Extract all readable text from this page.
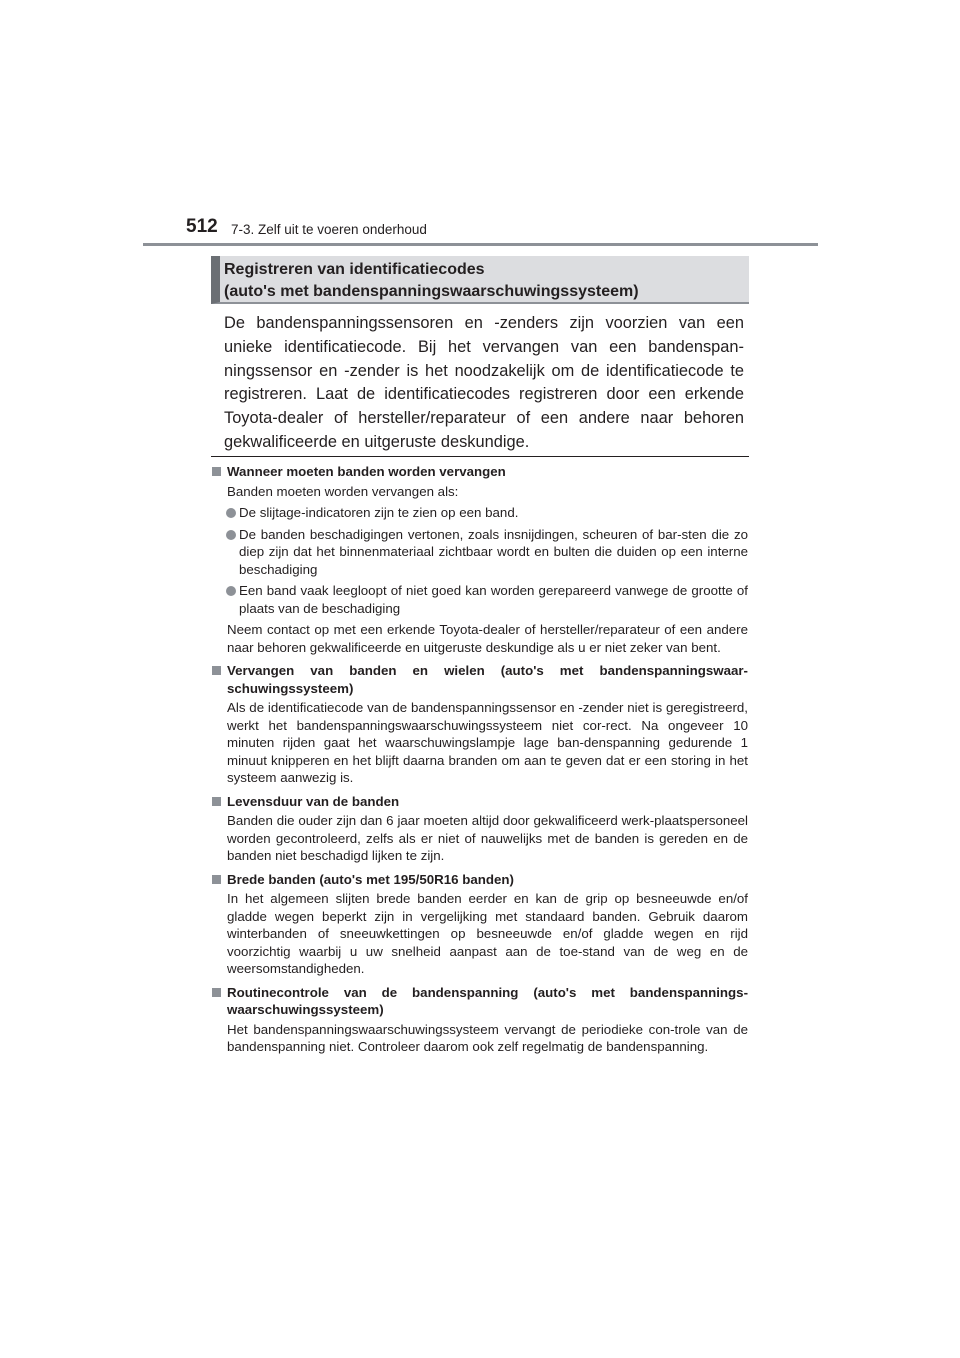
512 7-3. Zelf uit te voeren onderhoud
Registreren van identificatiecodes
(auto's met bandenspanningswaarschuwingssysteem)
De bandenspanningssensoren en -zenders zijn voorzien van een unieke identificatiecode. Bij het vervangen van een bandenspan-ningssensor en -zender is het noodzakelijk om de identificatiecode te registreren. Laat de identificatiecodes registreren door een erkende Toyota-dealer of hersteller/reparateur of een andere naar behoren gekwalificeerde en uitgeruste deskundige.
Wanneer moeten banden worden vervangen
Banden moeten worden vervangen als:
De slijtage-indicatoren zijn te zien op een band.
De banden beschadigingen vertonen, zoals insnijdingen, scheuren of bar-sten die zo diep zijn dat het binnenmateriaal zichtbaar wordt en bulten die duiden op een interne beschadiging
Een band vaak leegloopt of niet goed kan worden gerepareerd vanwege de grootte of plaats van de beschadiging
Neem contact op met een erkende Toyota-dealer of hersteller/reparateur of een andere naar behoren gekwalificeerde en uitgeruste deskundige als u er niet zeker van bent.
Vervangen van banden en wielen (auto's met bandenspanningswaar-schuwingssysteem)
Als de identificatiecode van de bandenspanningssensor en -zender niet is geregistreerd, werkt het bandenspanningswaarschuwingssysteem niet cor-rect. Na ongeveer 10 minuten rijden gaat het waarschuwingslampje lage ban-denspanning gedurende 1 minuut knipperen en het blijft daarna branden om aan te geven dat er een storing in het systeem aanwezig is.
Levensduur van de banden
Banden die ouder zijn dan 6 jaar moeten altijd door gekwalificeerd werk-plaatspersoneel worden gecontroleerd, zelfs als er niet of nauwelijks met de banden is gereden en de banden niet beschadigd lijken te zijn.
Brede banden (auto's met 195/50R16 banden)
In het algemeen slijten brede banden eerder en kan de grip op besneeuwde en/of gladde wegen beperkt zijn in vergelijking met standaard banden. Gebruik daarom winterbanden of sneeuwkettingen op besneeuwde en/of gladde wegen en rijd voorzichtig waarbij u uw snelheid aanpast aan de toe-stand van de weg en de weersomstandigheden.
Routinecontrole van de bandenspanning (auto's met bandenspannings-waarschuwingssysteem)
Het bandenspanningswaarschuwingssysteem vervangt de periodieke con-trole van de bandenspanning niet. Controleer daarom ook zelf regelmatig de bandenspanning.
